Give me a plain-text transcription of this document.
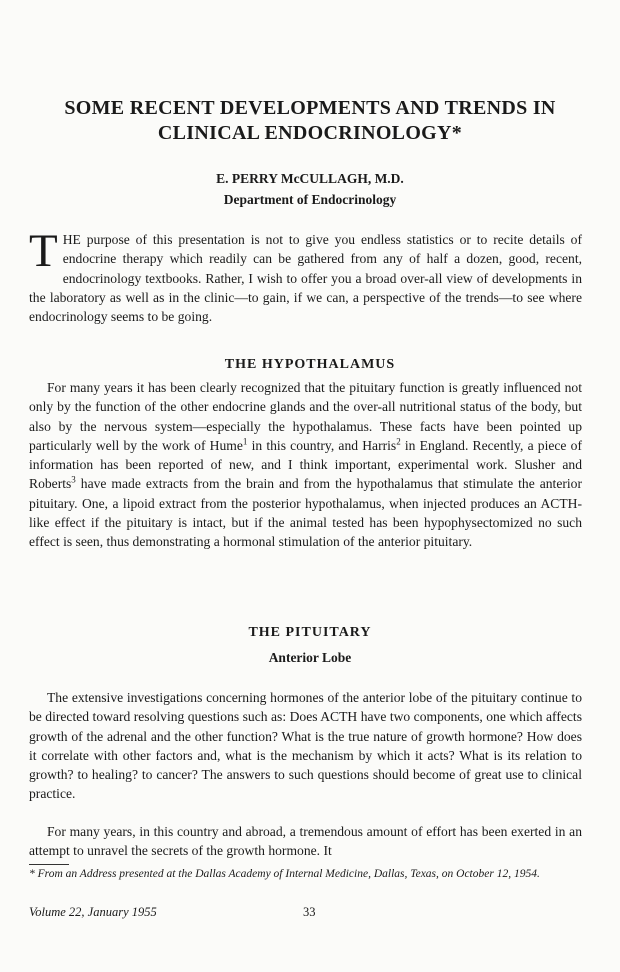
SOME RECENT DEVELOPMENTS AND TRENDS IN CLINICAL ENDOCRINOLOGY*
E. PERRY McCULLAGH, M.D.
Department of Endocrinology
THE purpose of this presentation is not to give you endless statistics or to recite details of endocrine therapy which readily can be gathered from any of half a dozen, good, recent, endocrinology textbooks. Rather, I wish to offer you a broad over-all view of developments in the laboratory as well as in the clinic—to gain, if we can, a perspective of the trends—to see where endocrinology seems to be going.
THE HYPOTHALAMUS
For many years it has been clearly recognized that the pituitary function is greatly influenced not only by the function of the other endocrine glands and the over-all nutritional status of the body, but also by the nervous system—especially the hypothalamus. These facts have been pointed up particularly well by the work of Hume$^1$ in this country, and Harris$^2$ in England. Recently, a piece of information has been reported of new, and I think important, experimental work. Slusher and Roberts$^3$ have made extracts from the brain and from the hypothalamus that stimulate the anterior pituitary. One, a lipoid extract from the posterior hypothalamus, when injected produces an ACTH-like effect if the pituitary is intact, but if the animal tested has been hypophysectomized no such effect is seen, thus demonstrating a hormonal stimulation of the anterior pituitary.
THE PITUITARY
Anterior Lobe
The extensive investigations concerning hormones of the anterior lobe of the pituitary continue to be directed toward resolving questions such as: Does ACTH have two components, one which affects growth of the adrenal and the other function? What is the true nature of growth hormone? How does it correlate with other factors and, what is the mechanism by which it acts? What is its relation to growth? to healing? to cancer? The answers to such questions should become of great use to clinical practice.
For many years, in this country and abroad, a tremendous amount of effort has been exerted in an attempt to unravel the secrets of the growth hormone. It
* From an Address presented at the Dallas Academy of Internal Medicine, Dallas, Texas, on October 12, 1954.
Volume 22, January 1955	33
